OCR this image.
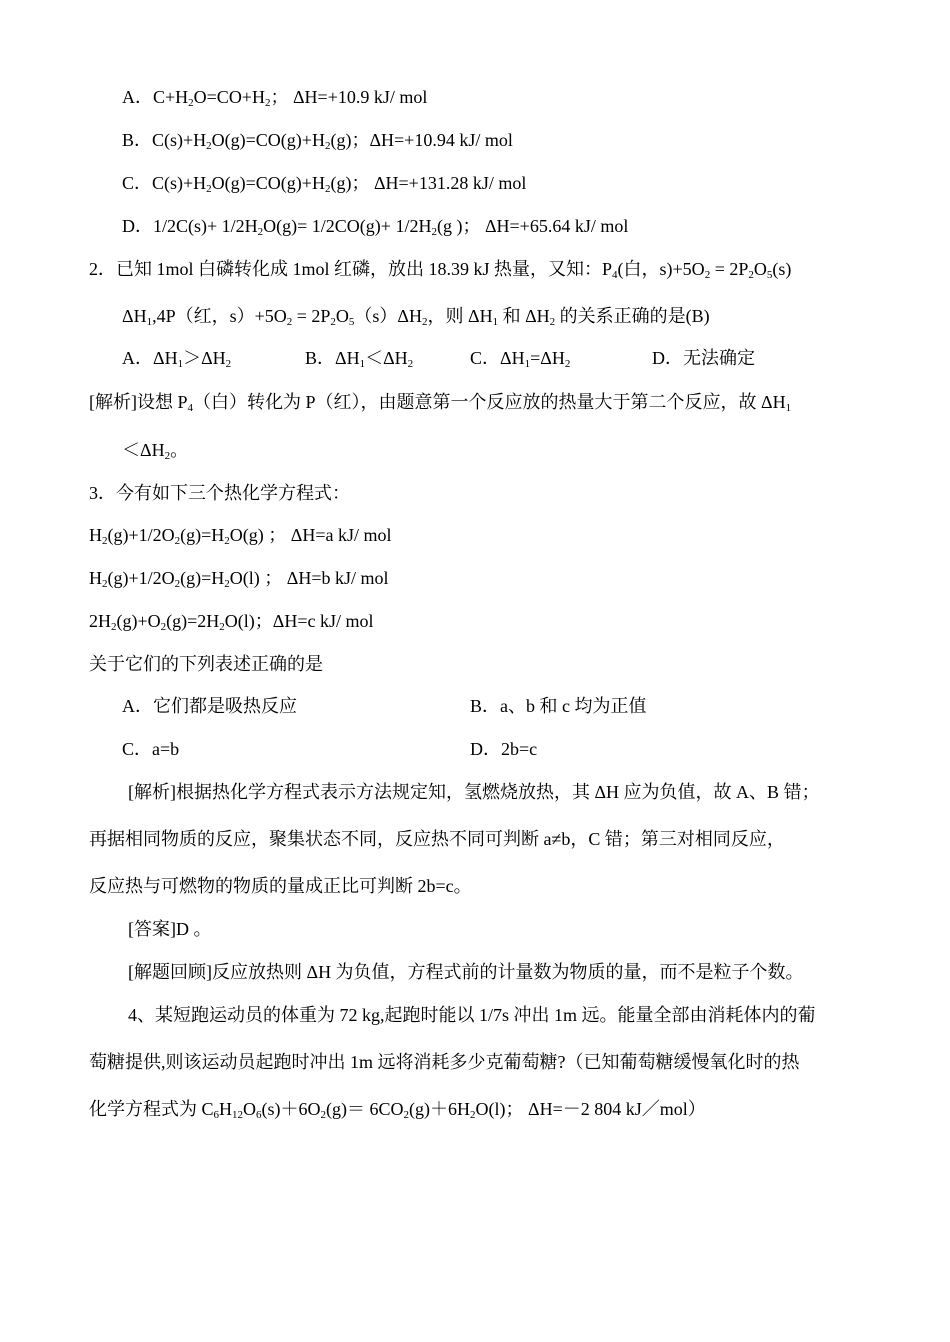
A．$C+H_2O=CO+H_2$； ΔH=+10.9 kJ/ mol
B．$C(s)+H_2O(g)=CO(g)+H_2(g)$；ΔH=+10.94 kJ/ mol
C．$C(s)+H_2O(g)=CO(g)+H_2(g)$； ΔH=+131.28 kJ/ mol
D．$1/2C(s)+ 1/2H_2O(g)= 1/2CO(g)+ 1/2H_2(g$ )； ΔH=+65.64 kJ/ mol
2．已知 1mol 白磷转化成 1mol 红磷，放出 18.39 kJ 热量，又知：$P_4$(白，$s)+5O_2 = 2P_2O_5(s)$
$\Delta H_1,4P$（红，$s)+5O_2 = 2P_2O_5(s)\Delta H_2$，则 $\Delta H_1$ 和 $\Delta H_2$ 的关系正确的是(B)
A．$\Delta H_1>\Delta H_2$	B．$\Delta H_1<\Delta H_2$	C．$\Delta H_1=\Delta H_2$	D．无法确定
[解析]设想 $P_4$（白）转化为 P（红），由题意第一个反应放的热量大于第二个反应，故 $\Delta H_1$
$<\Delta H_2$。
3．今有如下三个热化学方程式：
$H_2(g)+1/2O_2(g)=H_2O(g)$ ； ΔH=a kJ/ mol
$H_2(g)+1/2O_2(g)=H_2O(l)$ ； ΔH=b kJ/ mol
$2H_2(g)+O_2(g)=2H_2O(l)$；ΔH=c kJ/ mol
关于它们的下列表述正确的是
A．它们都是吸热反应	B．a、b 和 c 均为正值
C．a=b	D．2b=c
[解析]根据热化学方程式表示方法规定知，氢燃烧放热，其 ΔH 应为负值，故 A、B 错；
再据相同物质的反应，聚集状态不同，反应热不同可判断 a≠b，C 错；第三对相同反应，
反应热与可燃物的物质的量成正比可判断 2b=c。
[答案]D 。
[解题回顾]反应放热则 ΔH 为负值，方程式前的计量数为物质的量，而不是粒子个数。
4、某短跑运动员的体重为 72 kg,起跑时能以 1/7s 冲出 1m 远。能量全部由消耗体内的葡
萄糖提供,则该运动员起跑时冲出 1m 远将消耗多少克葡萄糖?（已知葡萄糖缓慢氧化时的热
化学方程式为 $C_6H_{12}O_6(s)+6O_2(g)= 6CO_2(g)+6H_2O(l)$； ΔH=－2 804 kJ／mol）
